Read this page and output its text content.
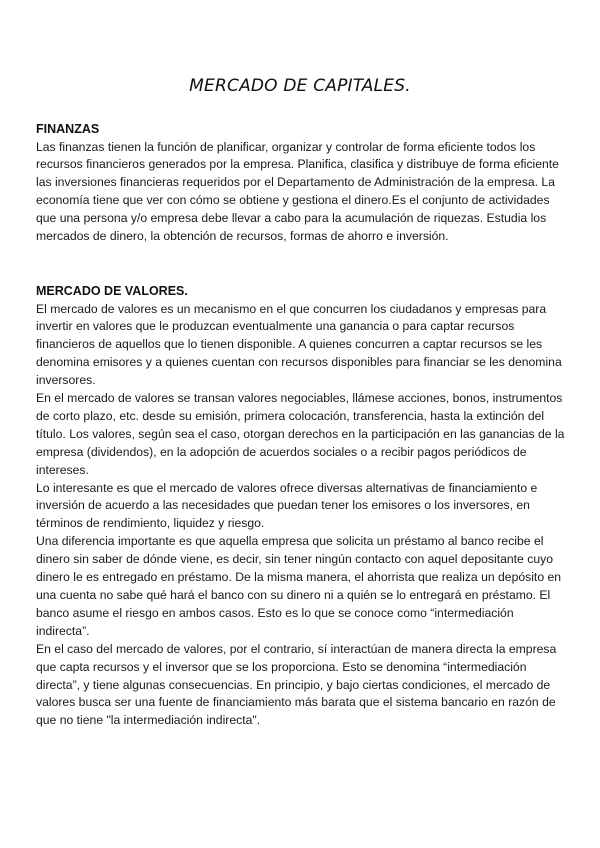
MERCADO DE CAPITALES.
FINANZAS

Las finanzas tienen la función de planificar, organizar y controlar de forma eficiente todos los recursos financieros generados por la empresa. Planifica, clasifica y distribuye de forma eficiente las inversiones financieras requeridos por el Departamento de Administración de la empresa. La economía tiene que ver con cómo se obtiene y gestiona el dinero.Es el conjunto de actividades que una persona y/o empresa debe llevar a cabo para la acumulación de riquezas. Estudia los mercados de dinero, la obtención de recursos, formas de ahorro e inversión.

MERCADO DE VALORES.

El mercado de valores es un mecanismo en el que concurren los ciudadanos y empresas para invertir en valores que le produzcan eventualmente una ganancia o para captar recursos financieros de aquellos que lo tienen disponible. A quienes concurren a captar recursos se les denomina emisores y a quienes cuentan con recursos disponibles para financiar se les denomina inversores.

En el mercado de valores se transan valores negociables, llámese acciones, bonos, instrumentos de corto plazo, etc. desde su emisión, primera colocación, transferencia, hasta la extinción del título. Los valores, según sea el caso, otorgan derechos en la participación en las ganancias de la empresa (dividendos), en la adopción de acuerdos sociales o a recibir pagos periódicos de intereses.

Lo interesante es que el mercado de valores ofrece diversas alternativas de financiamiento e inversión de acuerdo a las necesidades que puedan tener los emisores o los inversores, en términos de rendimiento, liquidez y riesgo.

Una diferencia importante es que aquella empresa que solicita un préstamo al banco recibe el dinero sin saber de dónde viene, es decir, sin tener ningún contacto con aquel depositante cuyo dinero le es entregado en préstamo. De la misma manera, el ahorrista que realiza un depósito en una cuenta no sabe qué hará el banco con su dinero ni a quién se lo entregará en préstamo. El banco asume el riesgo en ambos casos. Esto es lo que se conoce como “intermediación indirecta”.

En el caso del mercado de valores, por el contrario, sí interactúan de manera directa la empresa que capta recursos y el inversor que se los proporciona. Esto se denomina “intermediación directa”, y tiene algunas consecuencias. En principio, y bajo ciertas condiciones, el mercado de valores busca ser una fuente de financiamiento más barata que el sistema bancario en razón de que no tiene "la intermediación indirecta".
